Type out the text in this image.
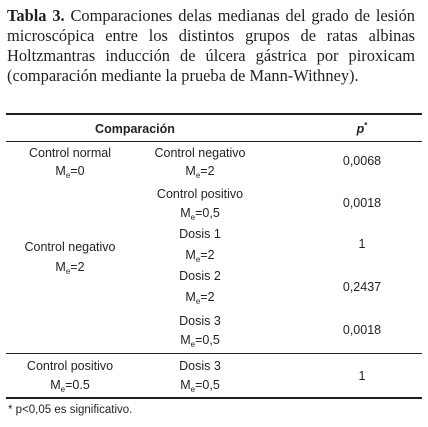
Tabla 3. Comparaciones delas medianas del grado de lesión microscópica entre los distintos grupos de ratas albinas Holtzmantras inducción de úlcera gástrica por piroxicam (comparación mediante la prueba de Mann-Withney).
Comparación	p*
Control normal
$M_e=0$
Control negativo
$M_e=2$
Control negativo
$M_e=2$
Control positivo
$M_e=0,5$
Dosis 1
$M_e=2$
Dosis 2
$M_e=2$
Dosis 3
$M_e=0,5$
0,0068
0,0018
1
0,2437
0,0018
Control positivo
$M_e=0.5$
Dosis 3
$M_e=0,5$
1
* p<0,05 es significativo.
